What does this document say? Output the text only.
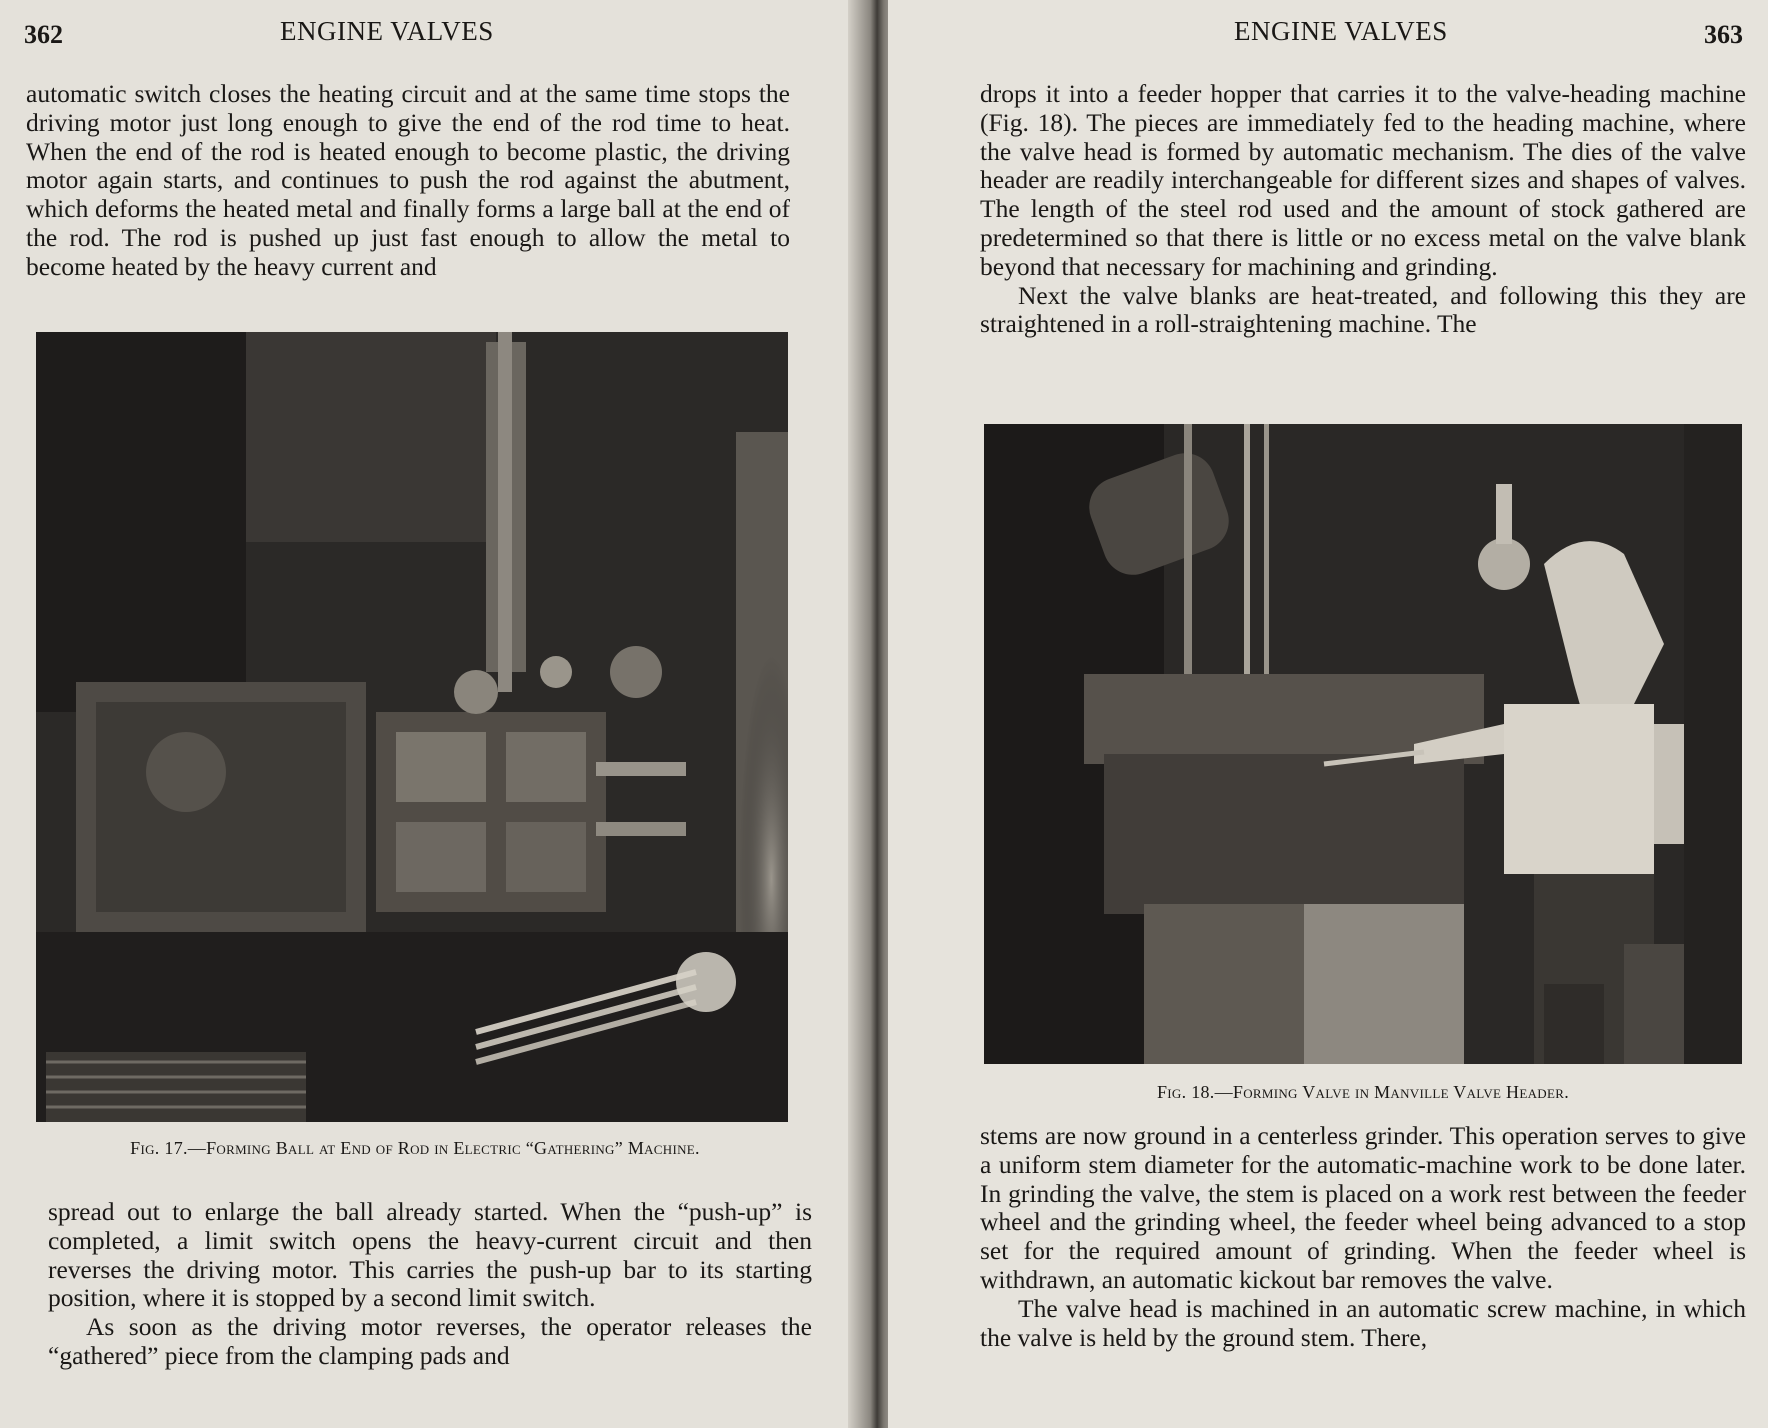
362	ENGINE VALVES

automatic switch closes the heating circuit and at the same time stops the driving motor just long enough to give the end of the rod time to heat. When the end of the rod is heated enough to become plastic, the driving motor again starts, and continues to push the rod against the abutment, which deforms the heated metal and finally forms a large ball at the end of the rod. The rod is pushed up just fast enough to allow the metal to become heated by the heavy current and

Fig. 17.—Forming Ball at End of Rod in Electric “Gathering” Machine.

spread out to enlarge the ball already started. When the “push-up” is completed, a limit switch opens the heavy-current circuit and then reverses the driving motor. This carries the push-up bar to its starting position, where it is stopped by a second limit switch.

As soon as the driving motor reverses, the operator releases the “gathered” piece from the clamping pads and

ENGINE VALVES	363

drops it into a feeder hopper that carries it to the valve-heading machine (Fig. 18). The pieces are immediately fed to the heading machine, where the valve head is formed by automatic mechanism. The dies of the valve header are readily interchangeable for different sizes and shapes of valves. The length of the steel rod used and the amount of stock gathered are predetermined so that there is little or no excess metal on the valve blank beyond that necessary for machining and grinding.

Next the valve blanks are heat-treated, and following this they are straightened in a roll-straightening machine. The

Fig. 18.—Forming Valve in Manville Valve Header.

stems are now ground in a centerless grinder. This operation serves to give a uniform stem diameter for the automatic-machine work to be done later. In grinding the valve, the stem is placed on a work rest between the feeder wheel and the grinding wheel, the feeder wheel being advanced to a stop set for the required amount of grinding. When the feeder wheel is withdrawn, an automatic kickout bar removes the valve.

The valve head is machined in an automatic screw machine, in which the valve is held by the ground stem. There,
